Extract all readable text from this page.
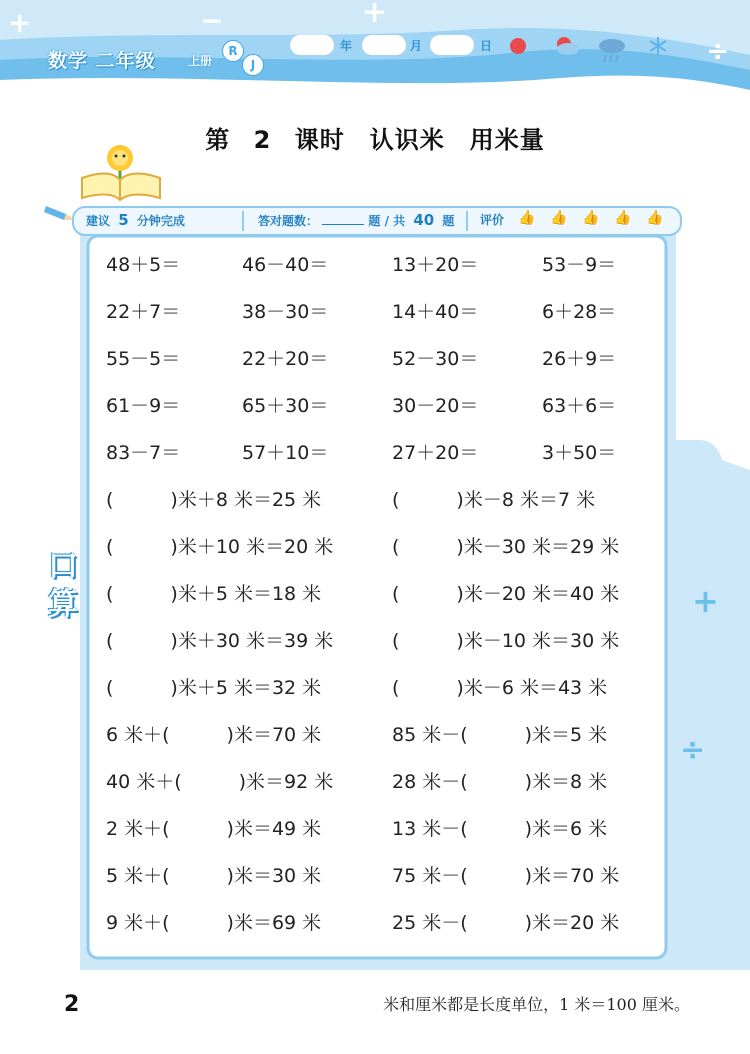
+	−	+
÷
数学 二年级	上册
R
J
年	月	日
第 2 课时　认识米　用米量
+
÷
建议 5 分钟完成	答对题数：	题 / 共 40 题 评价 👍 👍 👍 👍 👍
口
算
48＋5＝	46－40＝	13＋20＝	53－9＝
22＋7＝	38－30＝	14＋40＝	6＋28＝
55－5＝	22＋20＝	52－30＝	26＋9＝
61－9＝	65＋30＝	30－20＝	63＋6＝
83－7＝	57＋10＝	27＋20＝	3＋50＝
(　　　)米＋8 米＝25 米	(　　　)米－8 米＝7 米
(　　　)米＋10 米＝20 米	(　　　)米－30 米＝29 米
(　　　)米＋5 米＝18 米	(　　　)米－20 米＝40 米
(　　　)米＋30 米＝39 米	(　　　)米－10 米＝30 米
(　　　)米＋5 米＝32 米	(　　　)米－6 米＝43 米
6 米＋(　　　)米＝70 米	85 米－(　　　)米＝5 米
40 米＋(　　　)米＝92 米	28 米－(　　　)米＝8 米
2 米＋(　　　)米＝49 米	13 米－(　　　)米＝6 米
5 米＋(　　　)米＝30 米	75 米－(　　　)米＝70 米
9 米＋(　　　)米＝69 米	25 米－(　　　)米＝20 米
2	米和厘米都是长度单位，1 米＝100 厘米。
